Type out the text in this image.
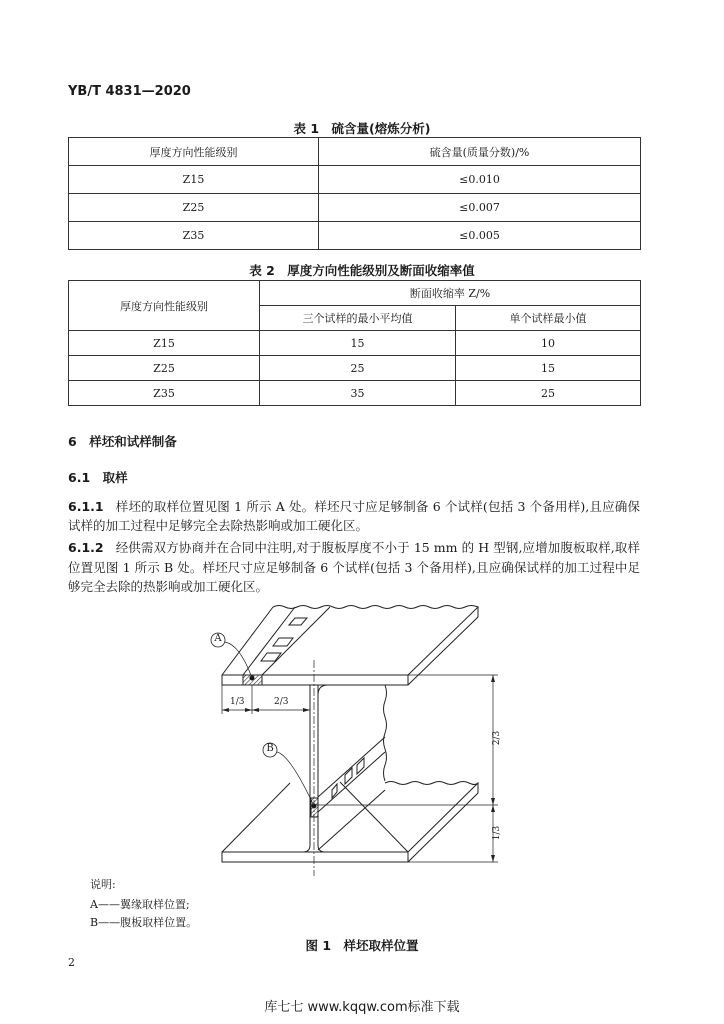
YB/T 4831—2020
表 1　硫含量(熔炼分析)
厚度方向性能级别	硫含量(质量分数)/%
Z15	≤0.010
Z25	≤0.007
Z35	≤0.005
表 2　厚度方向性能级别及断面收缩率值
厚度方向性能级别	断面收缩率 Z/%	
	三个试样的最小平均值	单个试样最小值
Z15	15	10
Z25	25	15
Z35	35	25
6　样坯和试样制备
6.1　取样
6.1.1 样坯的取样位置见图 1 所示 A 处。样坯尺寸应足够制备 6 个试样(包括 3 个备用样),且应确保
试样的加工过程中足够完全去除热影响或加工硬化区。
6.1.2 经供需双方协商并在合同中注明,对于腹板厚度不小于 15 mm 的 H 型钢,应增加腹板取样,取样
位置见图 1 所示 B 处。样坯尺寸应足够制备 6 个试样(包括 3 个备用样),且应确保试样的加工过程中足
够完全去除的热影响或加工硬化区。
A
B
1/3	2/3
2/3
1/3
说明:
A——翼缘取样位置;
B——腹板取样位置。
图 1　样坯取样位置
2
库七七 www.kqqw.com标准下载
